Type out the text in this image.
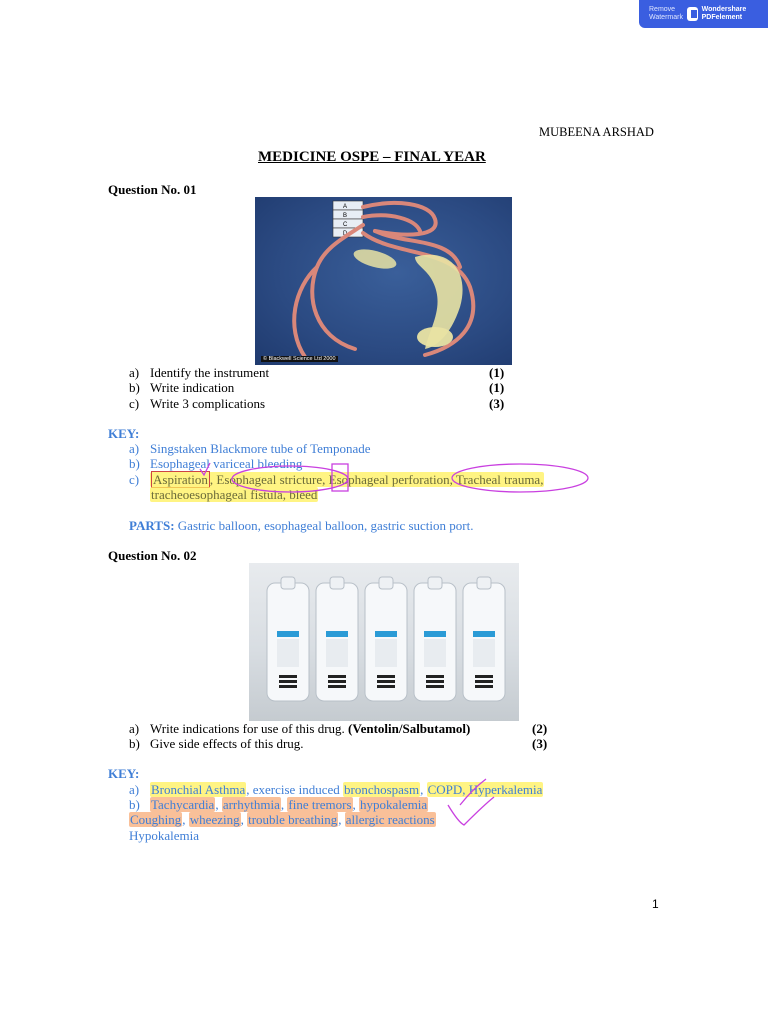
Remove Watermark
Wondershare PDFelement
MUBEENA ARSHAD
MEDICINE OSPE – FINAL YEAR
Question No. 01
A
B
C
D
© Blackwell Science Ltd 2000
a) Identify the instrument	(1)
b) Write indication	(1)
c) Write 3 complications	(3)
KEY:
a) Singstaken Blackmore tube of Temponade
b) Esophageal variceal bleeding
c) Aspiration , Esophageal stricture, Esophageal perforation, Tracheal trauma,
tracheoesophageal fistula, bleed
PARTS: Gastric balloon, esophageal balloon, gastric suction port.
Question No. 02
a) Write indications for use of this drug. (Ventolin/Salbutamol)	(2)
b) Give side effects of this drug.	(3)
KEY:
a) Bronchial Asthma, exercise induced bronchospasm, COPD, Hyperkalemia
b) Tachycardia, arrhythmia, fine tremors, hypokalemia
Coughing, wheezing, trouble breathing, allergic reactions
Hypokalemia
1
